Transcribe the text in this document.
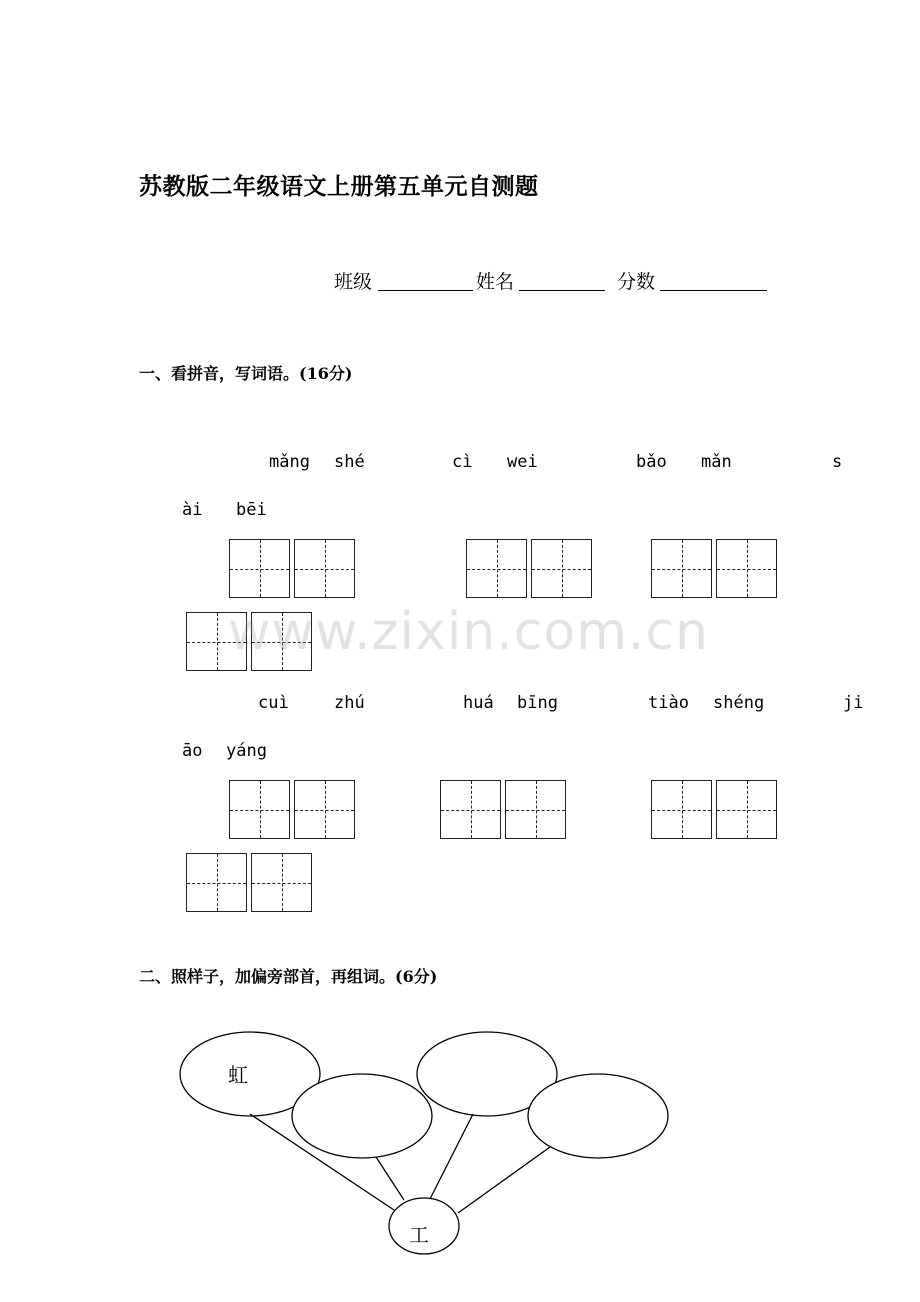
苏教版二年级语文上册第五单元自测题
班级	姓名	分数
一、看拼音，写词语。(16分)
mǎng shé	cì wei	bǎo mǎn	s
ài bēi
www.zixin.com.cn
cuì	zhú	huá bīng	tiào shéng	ji
āo yáng
二、照样子，加偏旁部首，再组词。(6分)
虹
工
